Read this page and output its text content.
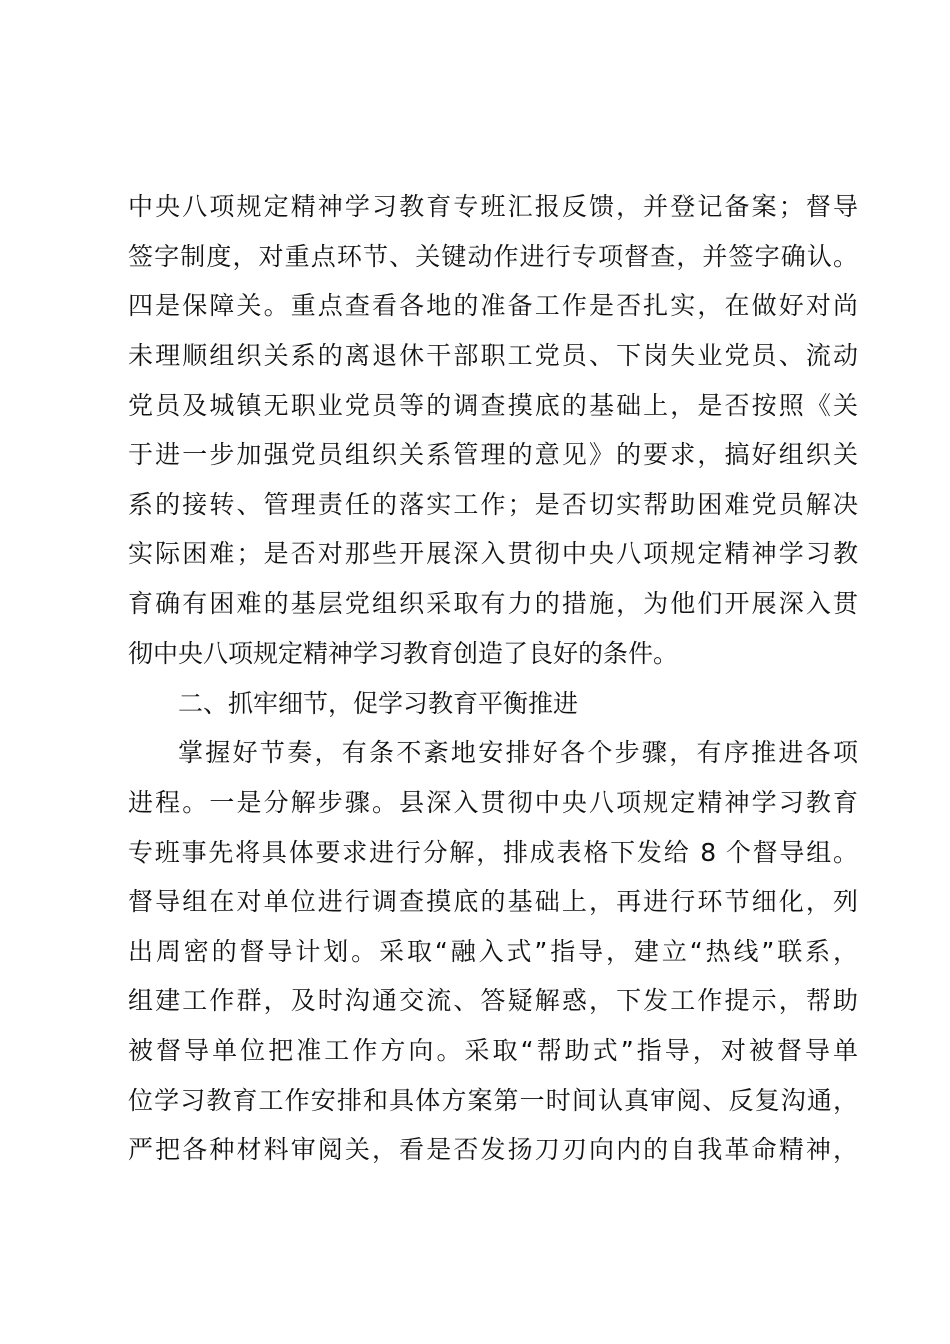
中央八项规定精神学习教育专班汇报反馈，并登记备案；督导

签字制度，对重点环节、关键动作进行专项督查，并签字确认。

四是保障关。重点查看各地的准备工作是否扎实，在做好对尚

未理顺组织关系的离退休干部职工党员、下岗失业党员、流动

党员及城镇无职业党员等的调查摸底的基础上，是否按照《关

于进一步加强党员组织关系管理的意见》的要求，搞好组织关

系的接转、管理责任的落实工作；是否切实帮助困难党员解决

实际困难；是否对那些开展深入贯彻中央八项规定精神学习教

育确有困难的基层党组织采取有力的措施，为他们开展深入贯

彻中央八项规定精神学习教育创造了良好的条件。

二、抓牢细节，促学习教育平衡推进

掌握好节奏，有条不紊地安排好各个步骤，有序推进各项

进程。一是分解步骤。县深入贯彻中央八项规定精神学习教育

专班事先将具体要求进行分解，排成表格下发给 8 个督导组。

督导组在对单位进行调查摸底的基础上，再进行环节细化，列

出周密的督导计划。采取“融入式”指导，建立“热线”联系，

组建工作群，及时沟通交流、答疑解惑，下发工作提示，帮助

被督导单位把准工作方向。采取“帮助式”指导，对被督导单

位学习教育工作安排和具体方案第一时间认真审阅、反复沟通，

严把各种材料审阅关，看是否发扬刀刃向内的自我革命精神，
